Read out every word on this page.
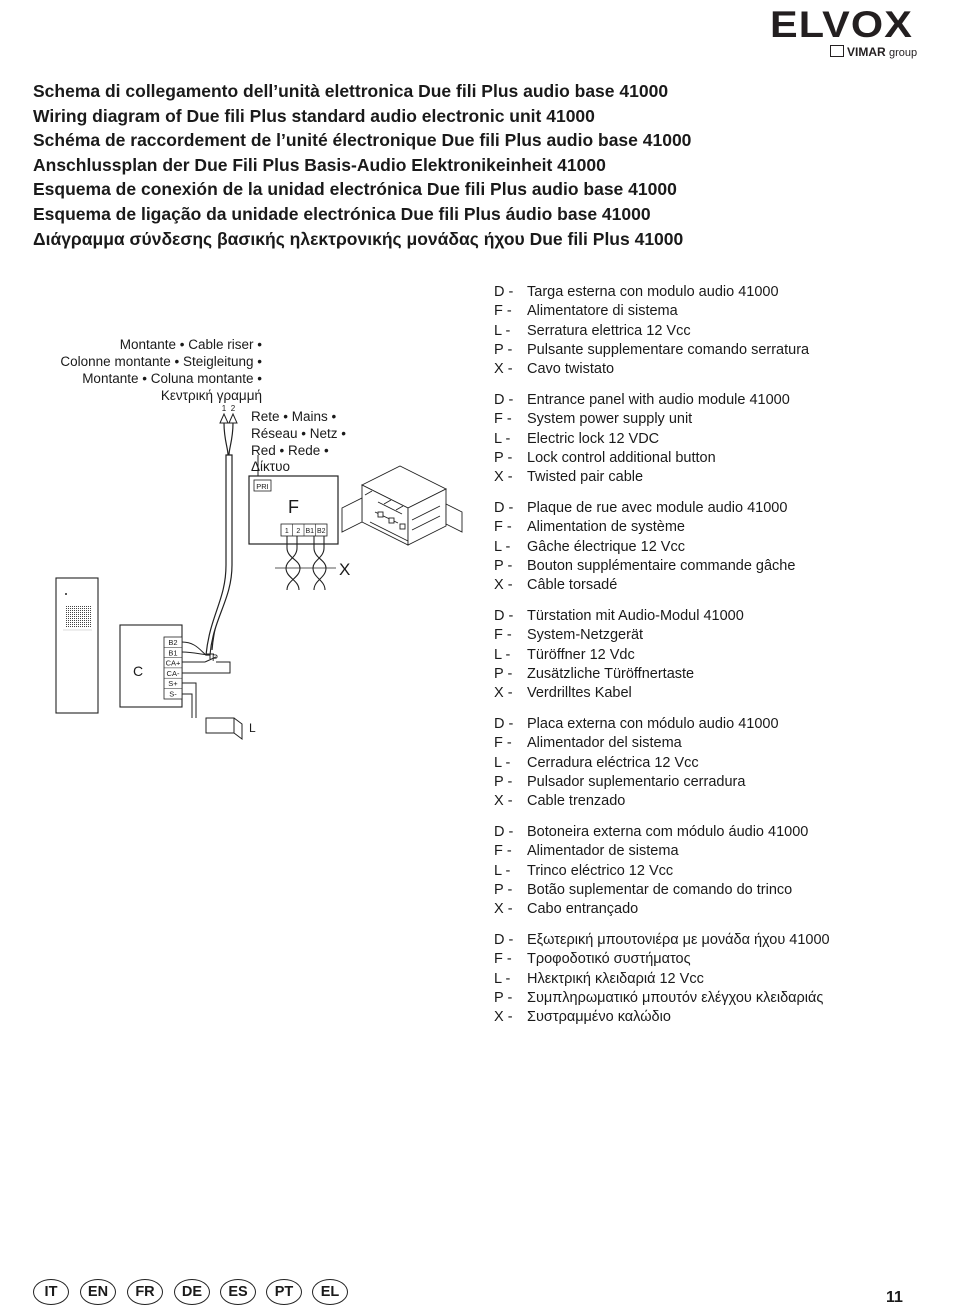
ELVOX
VIMAR group
Schema di collegamento dell’unità elettronica Due fili Plus audio base 41000
Wiring diagram of Due fili Plus standard audio electronic unit 41000
Schéma de raccordement de l’unité électronique Due fili Plus audio base 41000
Anschlussplan der Due Fili Plus Basis-Audio Elektronikeinheit 41000
Esquema de conexión de la unidad electrónica Due fili Plus audio base 41000
Esquema de ligação da unidade electrónica Due fili Plus áudio base 41000
Διάγραμμα σύνδεσης βασικής ηλεκτρονικής μονάδας ήχου Due fili Plus 41000
Montante • Cable riser •
Colonne montante • Steigleitung •
Montante • Coluna montante •
Κεντρική γραμμή
1 2
Rete • Mains •
Réseau • Netz •
Red • Rede •
Δίκτυο
PRI
F
1 2 B1 B2
X
C
B2
B1
CA+
CA-
S+
S-
P
L
D - Targa esterna con modulo audio 41000
F - Alimentatore di sistema
L - Serratura elettrica 12 Vcc
P - Pulsante supplementare comando serratura
X - Cavo twistato
D - Entrance panel with audio module 41000
F - System power supply unit
L - Electric lock 12 VDC
P - Lock control additional button
X - Twisted pair cable
D - Plaque de rue avec module audio 41000
F - Alimentation de système
L - Gâche électrique 12 Vcc
P - Bouton supplémentaire commande gâche
X - Câble torsadé
D - Türstation mit Audio-Modul 41000
F - System-Netzgerät
L - Türöffner 12 Vdc
P - Zusätzliche Türöffnertaste
X - Verdrilltes Kabel
D - Placa externa con módulo audio 41000
F - Alimentador del sistema
L - Cerradura eléctrica 12 Vcc
P - Pulsador suplementario cerradura
X - Cable trenzado
D - Botoneira externa com módulo áudio 41000
F - Alimentador de sistema
L - Trinco eléctrico 12 Vcc
P - Botão suplementar de comando do trinco
X - Cabo entrançado
D - Εξωτερική μπουτονιέρα με μονάδα ήχου 41000
F - Τροφοδοτικό συστήματος
L - Ηλεκτρική κλειδαριά 12 Vcc
P - Συμπληρωματικό μπουτόν ελέγχου κλειδαριάς
X - Συστραμμένο καλώδιο
IT	EN	FR	DE	ES	PT	EL	11
